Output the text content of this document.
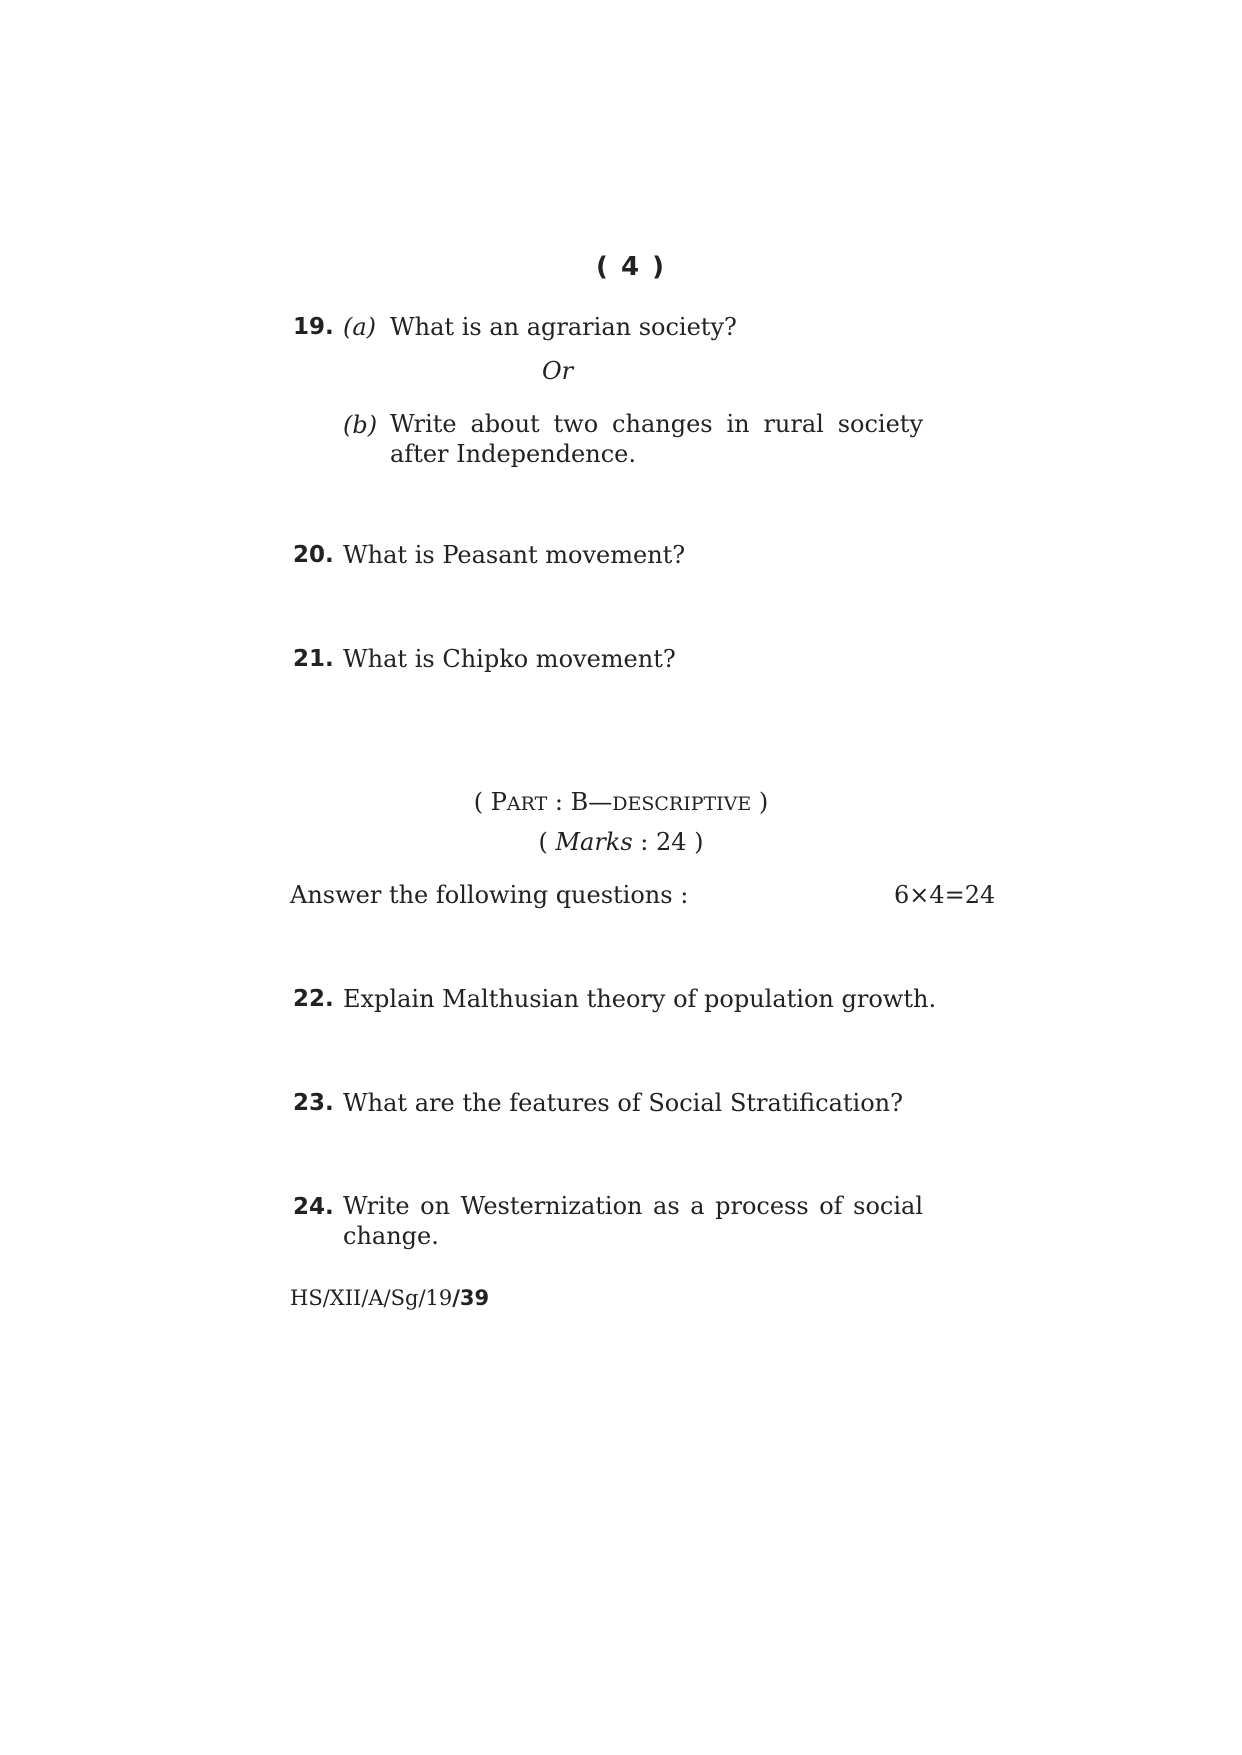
( 4 )
19. (a) What is an agrarian society?
Or
(b) Write about two changes in rural society after Independence.
20. What is Peasant movement?
21. What is Chipko movement?
( PART : B—DESCRIPTIVE )
( Marks : 24 )
Answer the following questions :	6×4=24
22. Explain Malthusian theory of population growth.
23. What are the features of Social Stratification?
24. Write on Westernization as a process of social change.
HS/XII/A/Sg/19/39
